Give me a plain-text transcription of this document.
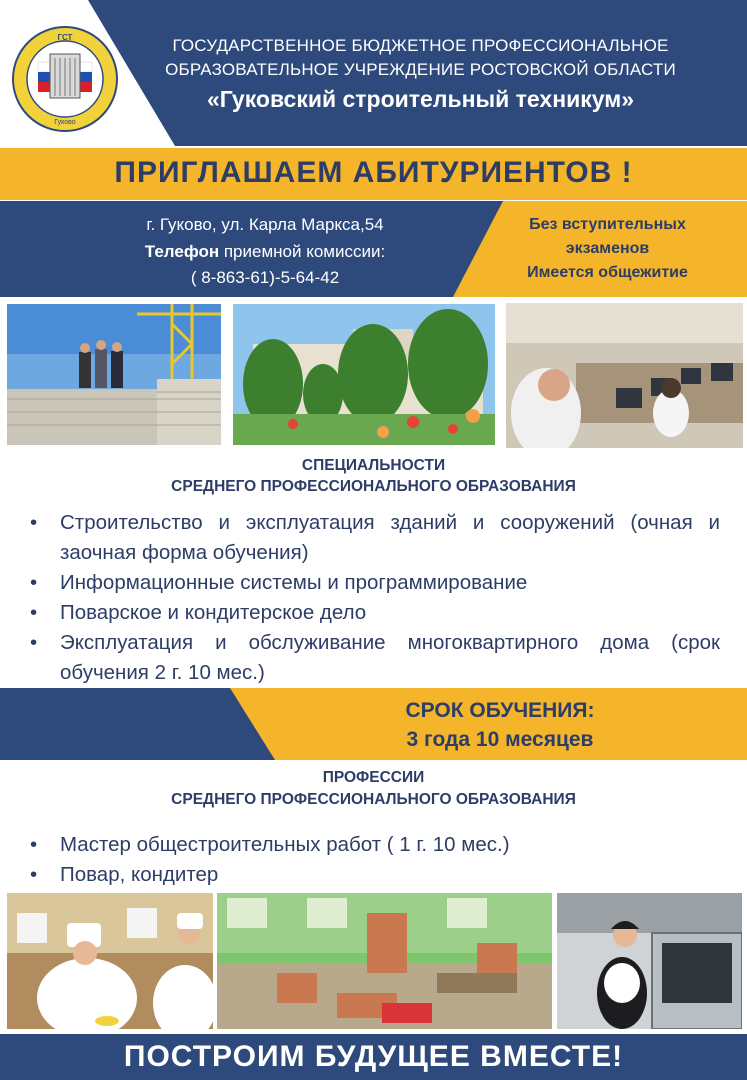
ГСТ
Гуково
ГОСУДАРСТВЕННОЕ БЮДЖЕТНОЕ ПРОФЕССИОНАЛЬНОЕ
ОБРАЗОВАТЕЛЬНОЕ УЧРЕЖДЕНИЕ РОСТОВСКОЙ ОБЛАСТИ
«Гуковский строительный техникум»
ПРИГЛАШАЕМ АБИТУРИЕНТОВ !
г. Гуково, ул. Карла Маркса,54
Телефон приемной комиссии:
( 8-863-61)-5-64-42
Без вступительных
экзаменов
Имеется общежитие
СПЕЦИАЛЬНОСТИ
СРЕДНЕГО ПРОФЕССИОНАЛЬНОГО ОБРАЗОВАНИЯ
• Строительство и эксплуатация зданий и сооружений (очная и заочная форма обучения)
• Информационные системы и программирование
• Поварское и кондитерское дело
• Эксплуатация и обслуживание многоквартирного дома (срок обучения 2 г. 10 мес.)
СРОК ОБУЧЕНИЯ:
3 года 10 месяцев
ПРОФЕССИИ
СРЕДНЕГО ПРОФЕССИОНАЛЬНОГО ОБРАЗОВАНИЯ
• Мастер общестроительных работ ( 1 г. 10 мес.)
• Повар, кондитер
ПОСТРОИМ БУДУЩЕЕ ВМЕСТЕ!
